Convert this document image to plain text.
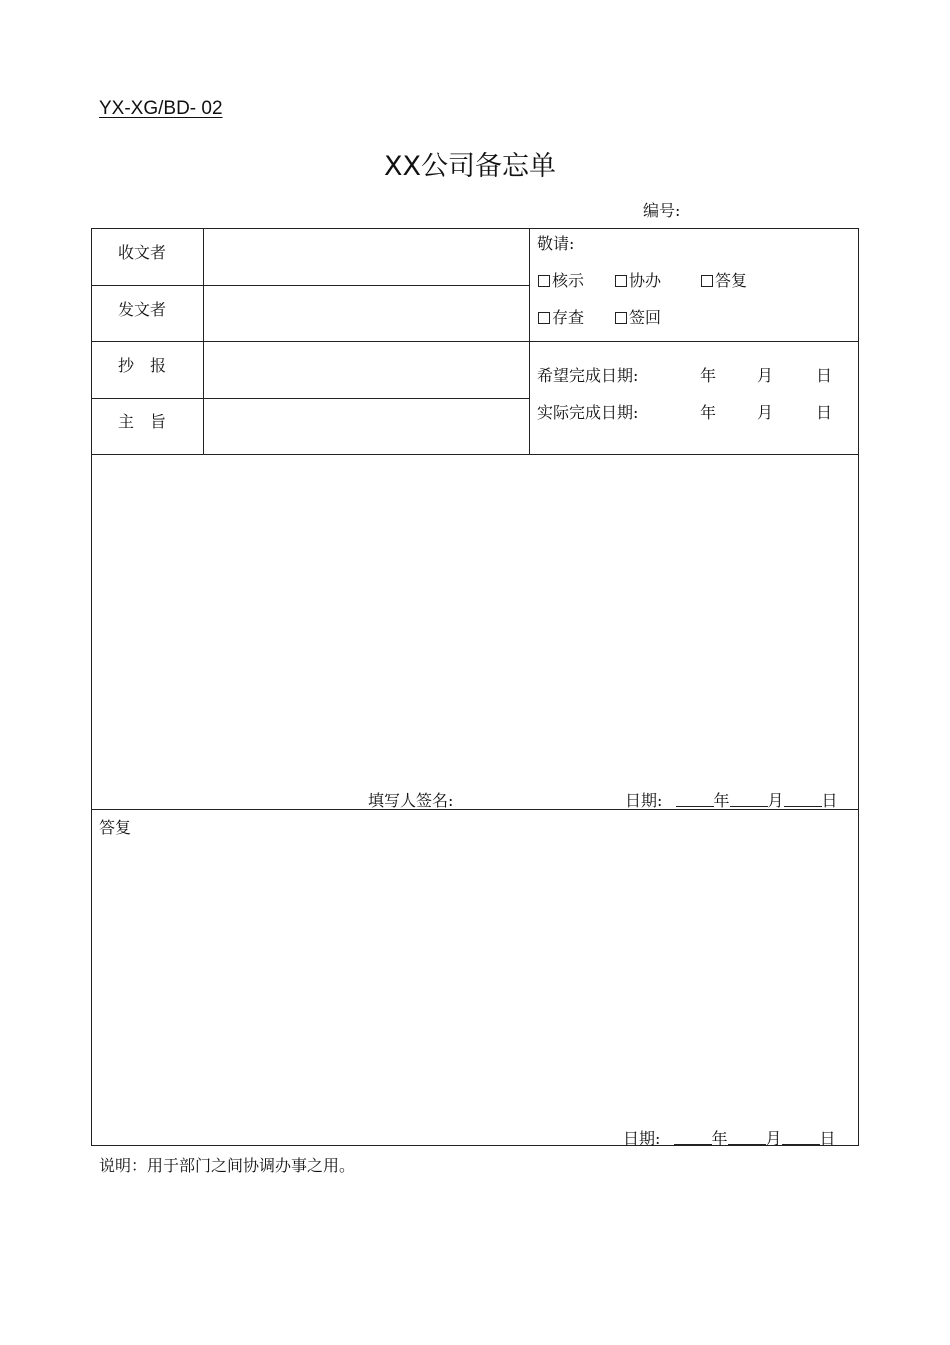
YX-XG/BD- 02
XX公司备忘单
编号:
收文者
发文者
抄　报
主　旨
敬请:
核示	协办	答复
存查	签回
希望完成日期:	年	月	日
实际完成日期:	年	月	日
填写人签名:	日期:	年 月 日
答复
日期:	年 月 日
说明：用于部门之间协调办事之用。
